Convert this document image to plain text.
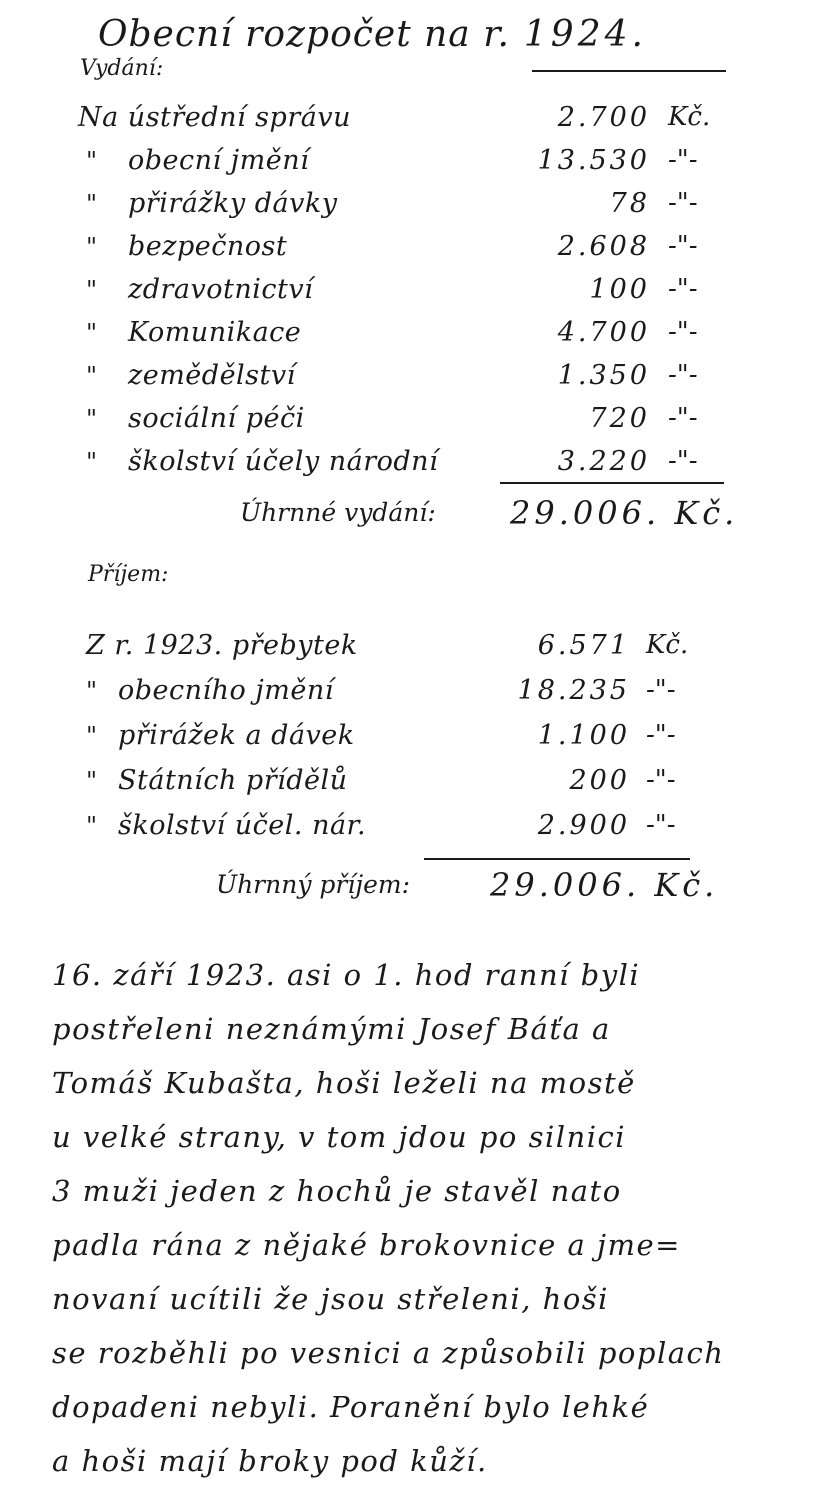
Obecní rozpočet na r. 1924.
Vydání:
Na ústřední správu	2.700 Kč.
" obecní jmění	13.530 -"-
" přirážky dávky	78 -"-
" bezpečnost	2.608 -"-
" zdravotnictví	100 -"-
" Komunikace	4.700 -"-
" zemědělství	1.350 -"-
" sociální péči	720 -"-
" školství účely národní	3.220 -"-
Úhrnné vydání: 29.006. Kč.
Příjem:
Z r. 1923. přebytek	6.571 Kč.
" obecního jmění	18.235 -"-
" přirážek a dávek	1.100 -"-
" Státních přídělů	200 -"-
" školství účel. nár.	2.900 -"-
Úhrnný příjem: 29.006. Kč.
16. září 1923. asi o 1. hod ranní byli
postřeleni neznámými Josef Báťa a
Tomáš Kubašta, hoši leželi na mostě
u velké strany, v tom jdou po silnici
3 muži jeden z hochů je stavěl nato
padla rána z nějaké brokovnice a jme=
novaní ucítili že jsou střeleni, hoši
se rozběhli po vesnici a způsobili poplach
dopadeni nebyli. Poranění bylo lehké
a hoši mají broky pod kůží.
